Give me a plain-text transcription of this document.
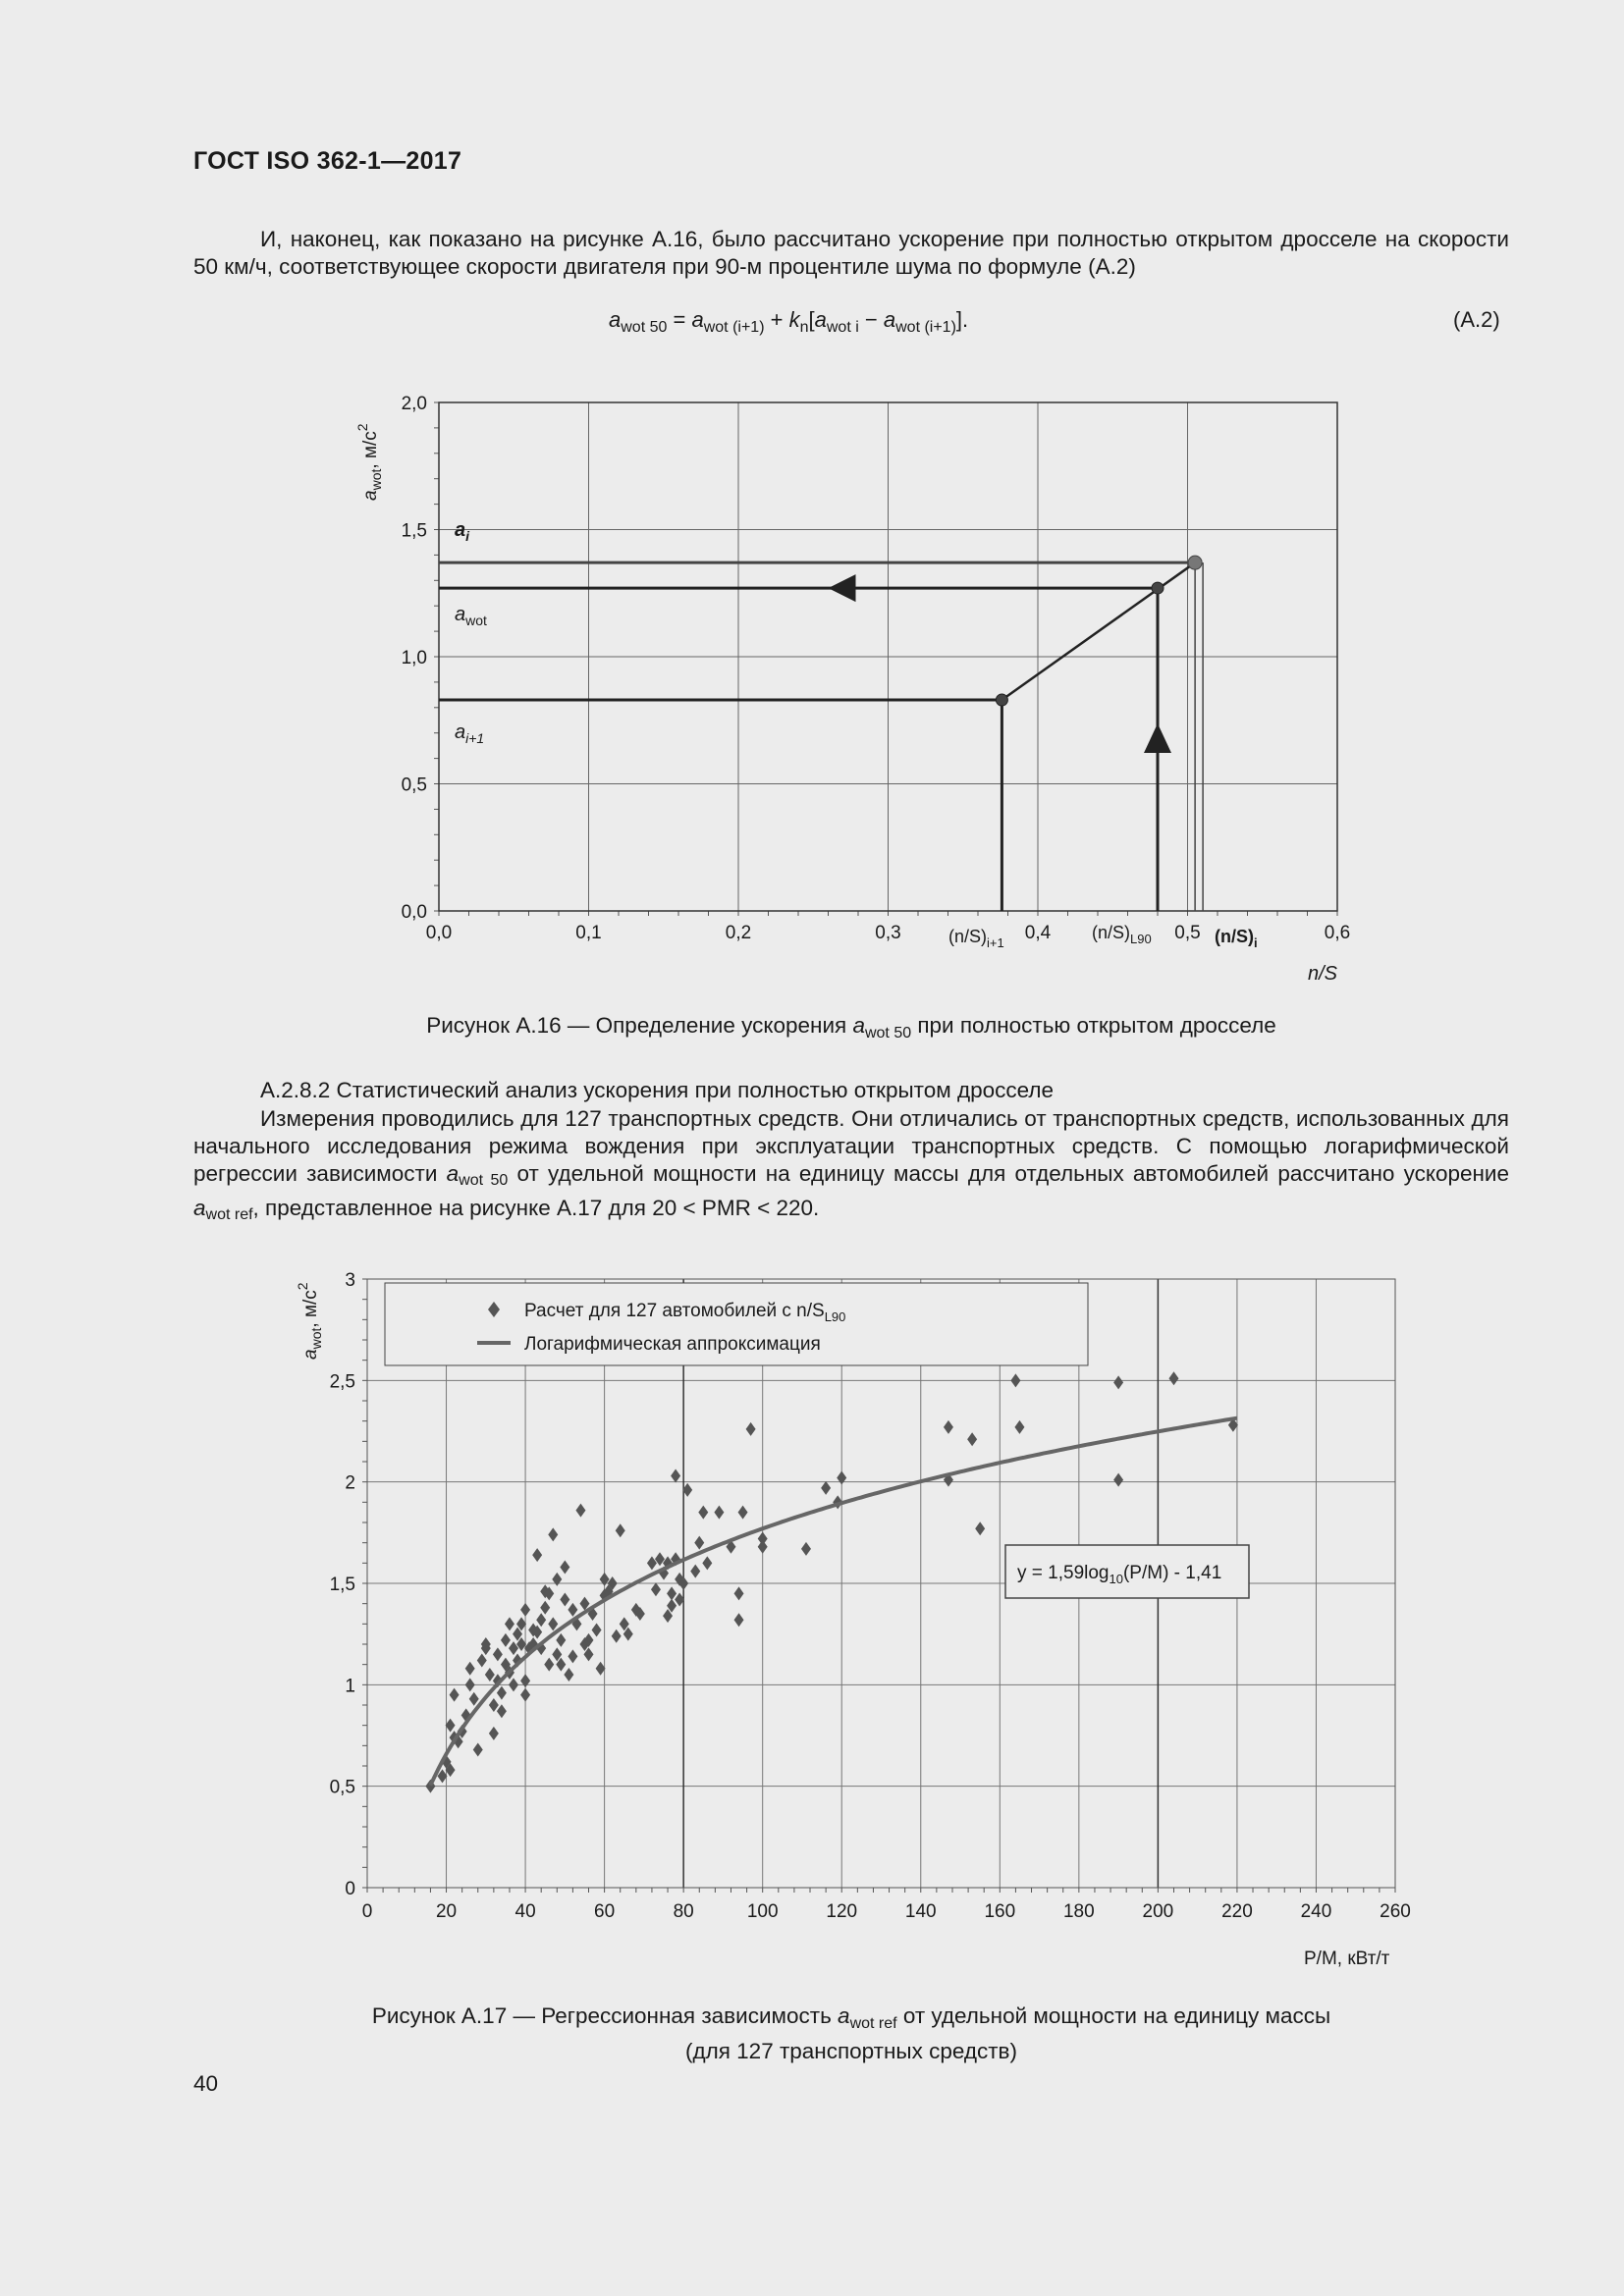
ГОСТ ISO 362-1—2017
И, наконец, как показано на рисунке А.16, было рассчитано ускорение при полностью открытом дросселе на скорости 50 км/ч, соответствующее скорости двигателя при 90-м процентиле шума по формуле (А.2)
$a_{wot 50} = a_{wot (i+1)} + k_n[a_{wot i} - a_{wot (i+1)}]$.	(А.2)
0,0
0,5
1,0
1,5
2,0
0,0	0,1	0,2	0,3	0,4	0,5	0,6
$a_{wot}$, $м/с^2$
n/S
$a_i$
$a_{wot}$
$a_{i+1}$
$(n/S)_{i+1}$
$(n/S)_{L90}$	$(n/S)_i$
Рисунок А.16 — Определение ускорения $a_{wot 50}$ при полностью открытом дросселе
А.2.8.2 Статистический анализ ускорения при полностью открытом дросселе
Измерения проводились для 127 транспортных средств. Они отличались от транспортных средств, использованных для начального исследования режима вождения при эксплуатации транспортных средств. С помощью логарифмической регрессии зависимости $a_{wot 50}$ от удельной мощности на единицу массы для отдельных автомобилей рассчитано ускорение $a_{wot ref}$, представленное на рисунке А.17 для 20 < PMR < 220.
0
0,5
1
1,5
2
2,5
3
0	20	40	60	80	100	120	140	160	180	200	220	240	260
Расчет для 127 автомобилей с $n/S_{L90}$
Логарифмическая аппроксимация
$y = 1,59\log_{10}(P/M) - 1,41$
$a_{wot}$, $м/с^2$
P/M, кВт/т
Рисунок А.17 — Регрессионная зависимость $a_{wot ref}$ от удельной мощности на единицу массы
(для 127 транспортных средств)
40
